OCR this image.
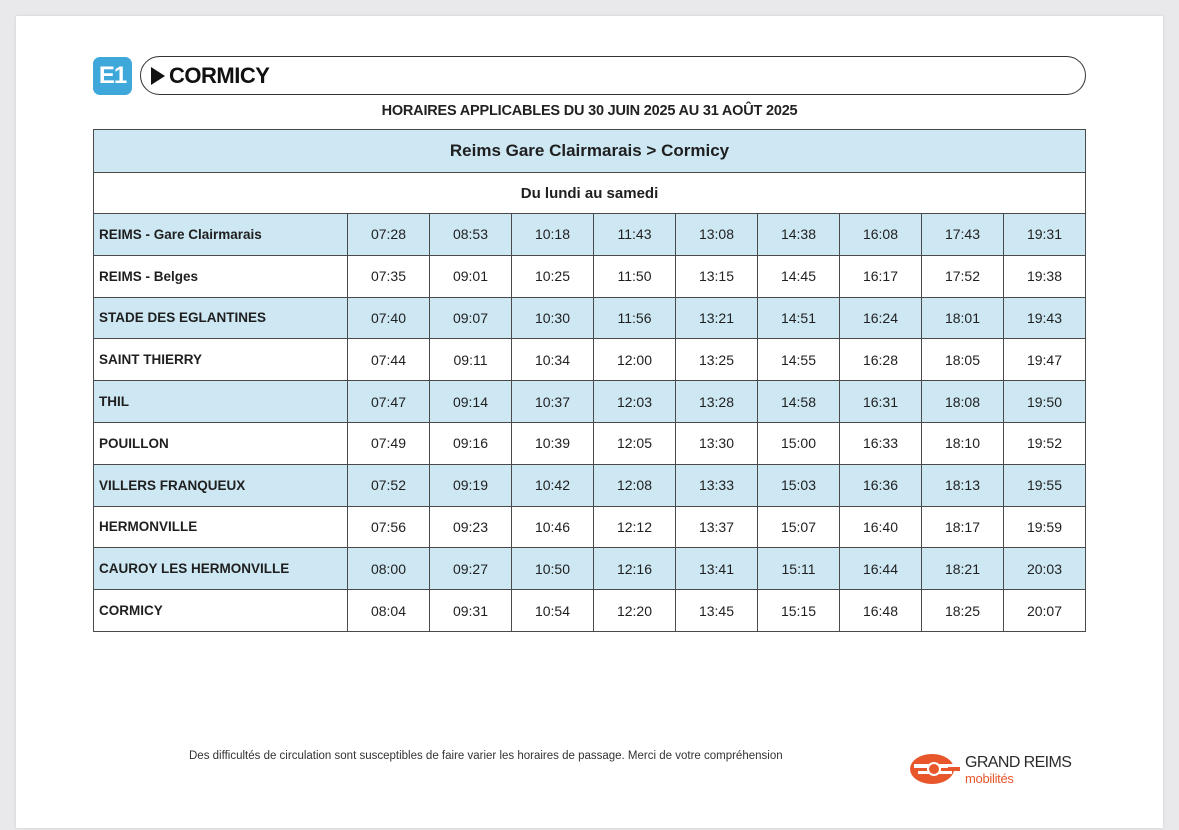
E1 CORMICY
HORAIRES APPLICABLES DU 30 JUIN 2025 AU 31 AOÛT 2025
Reims Gare Clairmarais > Cormicy									
Du lundi au samedi									
REIMS - Gare Clairmarais	07:28	08:53	10:18	11:43	13:08	14:38	16:08	17:43	19:31
REIMS - Belges	07:35	09:01	10:25	11:50	13:15	14:45	16:17	17:52	19:38
STADE DES EGLANTINES	07:40	09:07	10:30	11:56	13:21	14:51	16:24	18:01	19:43
SAINT THIERRY	07:44	09:11	10:34	12:00	13:25	14:55	16:28	18:05	19:47
THIL	07:47	09:14	10:37	12:03	13:28	14:58	16:31	18:08	19:50
POUILLON	07:49	09:16	10:39	12:05	13:30	15:00	16:33	18:10	19:52
VILLERS FRANQUEUX	07:52	09:19	10:42	12:08	13:33	15:03	16:36	18:13	19:55
HERMONVILLE	07:56	09:23	10:46	12:12	13:37	15:07	16:40	18:17	19:59
CAUROY LES HERMONVILLE	08:00	09:27	10:50	12:16	13:41	15:11	16:44	18:21	20:03
CORMICY	08:04	09:31	10:54	12:20	13:45	15:15	16:48	18:25	20:07
Des difficultés de circulation sont susceptibles de faire varier les horaires de passage. Merci de votre compréhension	GRAND REIMS
mobilités
